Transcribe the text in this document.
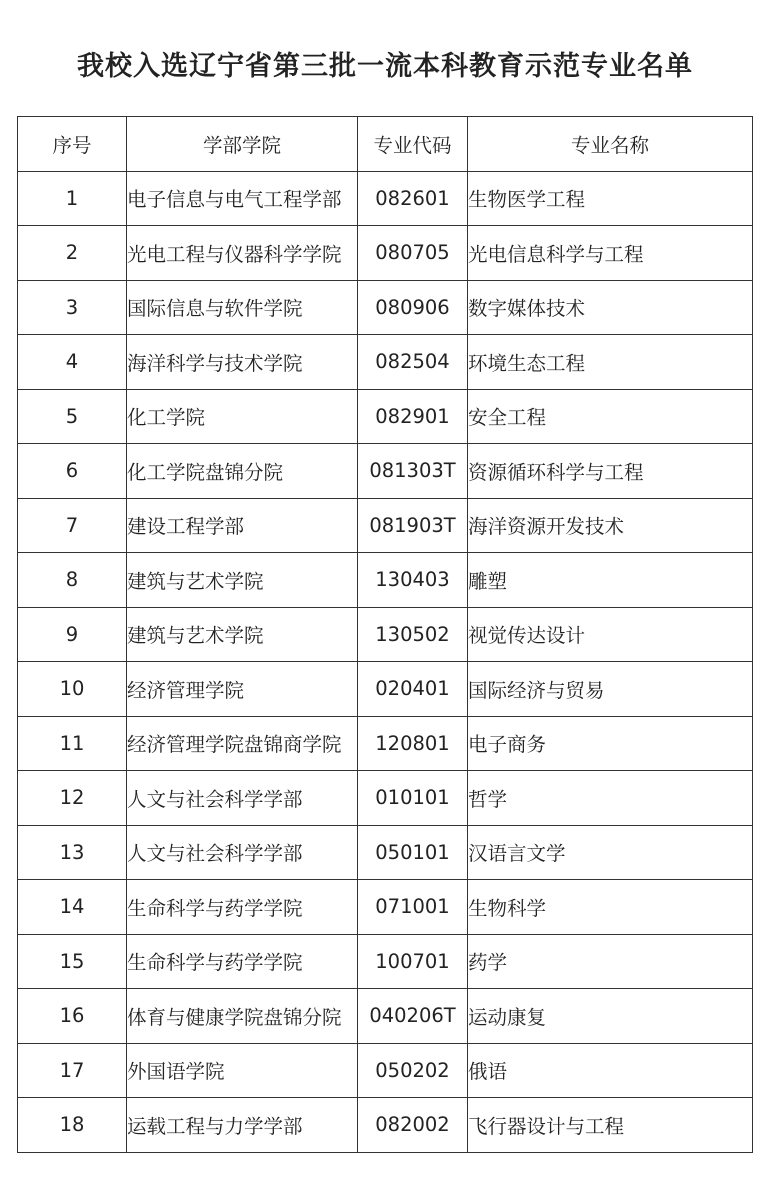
我校入选辽宁省第三批一流本科教育示范专业名单
序号	学部学院	专业代码	专业名称
1	电子信息与电气工程学部	082601	生物医学工程
2	光电工程与仪器科学学院	080705	光电信息科学与工程
3	国际信息与软件学院	080906	数字媒体技术
4	海洋科学与技术学院	082504	环境生态工程
5	化工学院	082901	安全工程
6	化工学院盘锦分院	081303T	资源循环科学与工程
7	建设工程学部	081903T	海洋资源开发技术
8	建筑与艺术学院	130403	雕塑
9	建筑与艺术学院	130502	视觉传达设计
10	经济管理学院	020401	国际经济与贸易
11	经济管理学院盘锦商学院	120801	电子商务
12	人文与社会科学学部	010101	哲学
13	人文与社会科学学部	050101	汉语言文学
14	生命科学与药学学院	071001	生物科学
15	生命科学与药学学院	100701	药学
16	体育与健康学院盘锦分院	040206T	运动康复
17	外国语学院	050202	俄语
18	运载工程与力学学部	082002	飞行器设计与工程
